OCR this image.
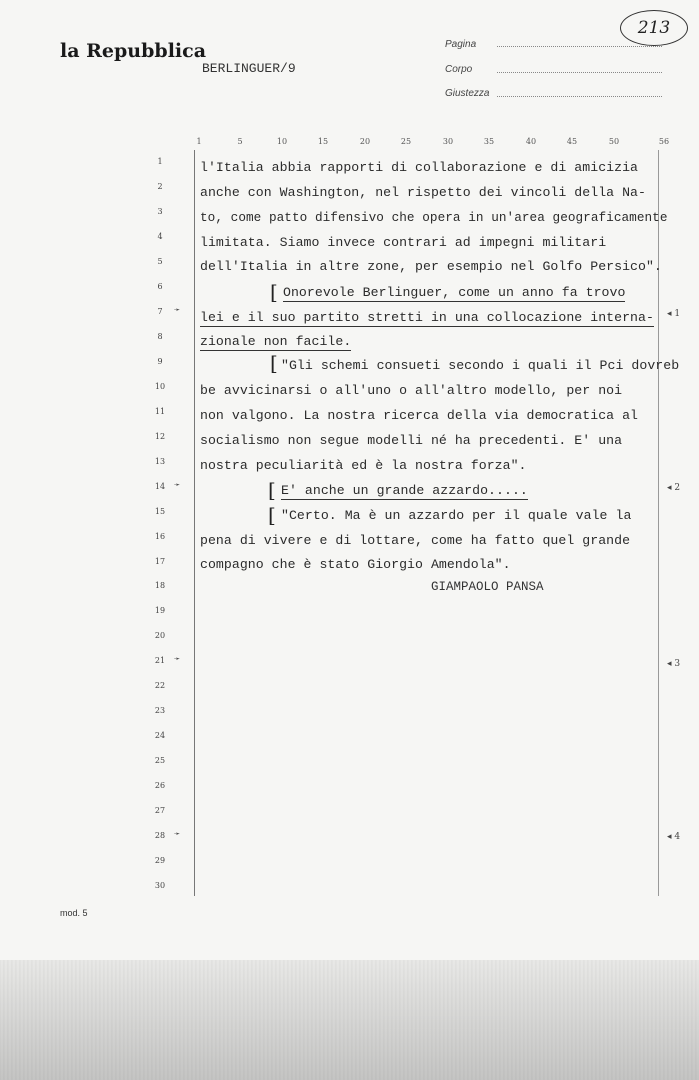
la Repubblica
BERLINGUER/9
213
Pagina
Corpo
Giustezza
1	5	10	15	20	25	30	35	40	45	50	56
1
2
3
4
5
6
7
8
9
10
11
12
13
14
15
16
17
18
19
20
21
22
23
24
25
26
27
28
29
30
➛
➛
➛
➛
◂ 1
◂ 2
◂ 3
◂ 4
l'Italia abbia rapporti di collaborazione e di amicizia
anche con Washington, nel rispetto dei vincoli della Na-
to, come patto difensivo che opera in un'area geograficamente
limitata. Siamo invece contrari ad impegni militari
dell'Italia in altre zone, per esempio nel Golfo Persico".
[ Onorevole Berlinguer, come un anno fa trovo
lei e il suo partito stretti in una collocazione interna-
zionale non facile.
[ "Gli schemi consueti secondo i quali il Pci dovreb
be avvicinarsi o all'uno o all'altro modello, per noi
non valgono. La nostra ricerca della via democratica al
socialismo non segue modelli né ha precedenti. E' una
nostra peculiarità ed è la nostra forza".
[ E' anche un grande azzardo.....
[ "Certo. Ma è un azzardo per il quale vale la
pena di vivere e di lottare, come ha fatto quel grande
compagno che è stato Giorgio Amendola".
GIAMPAOLO PANSA
mod. 5
